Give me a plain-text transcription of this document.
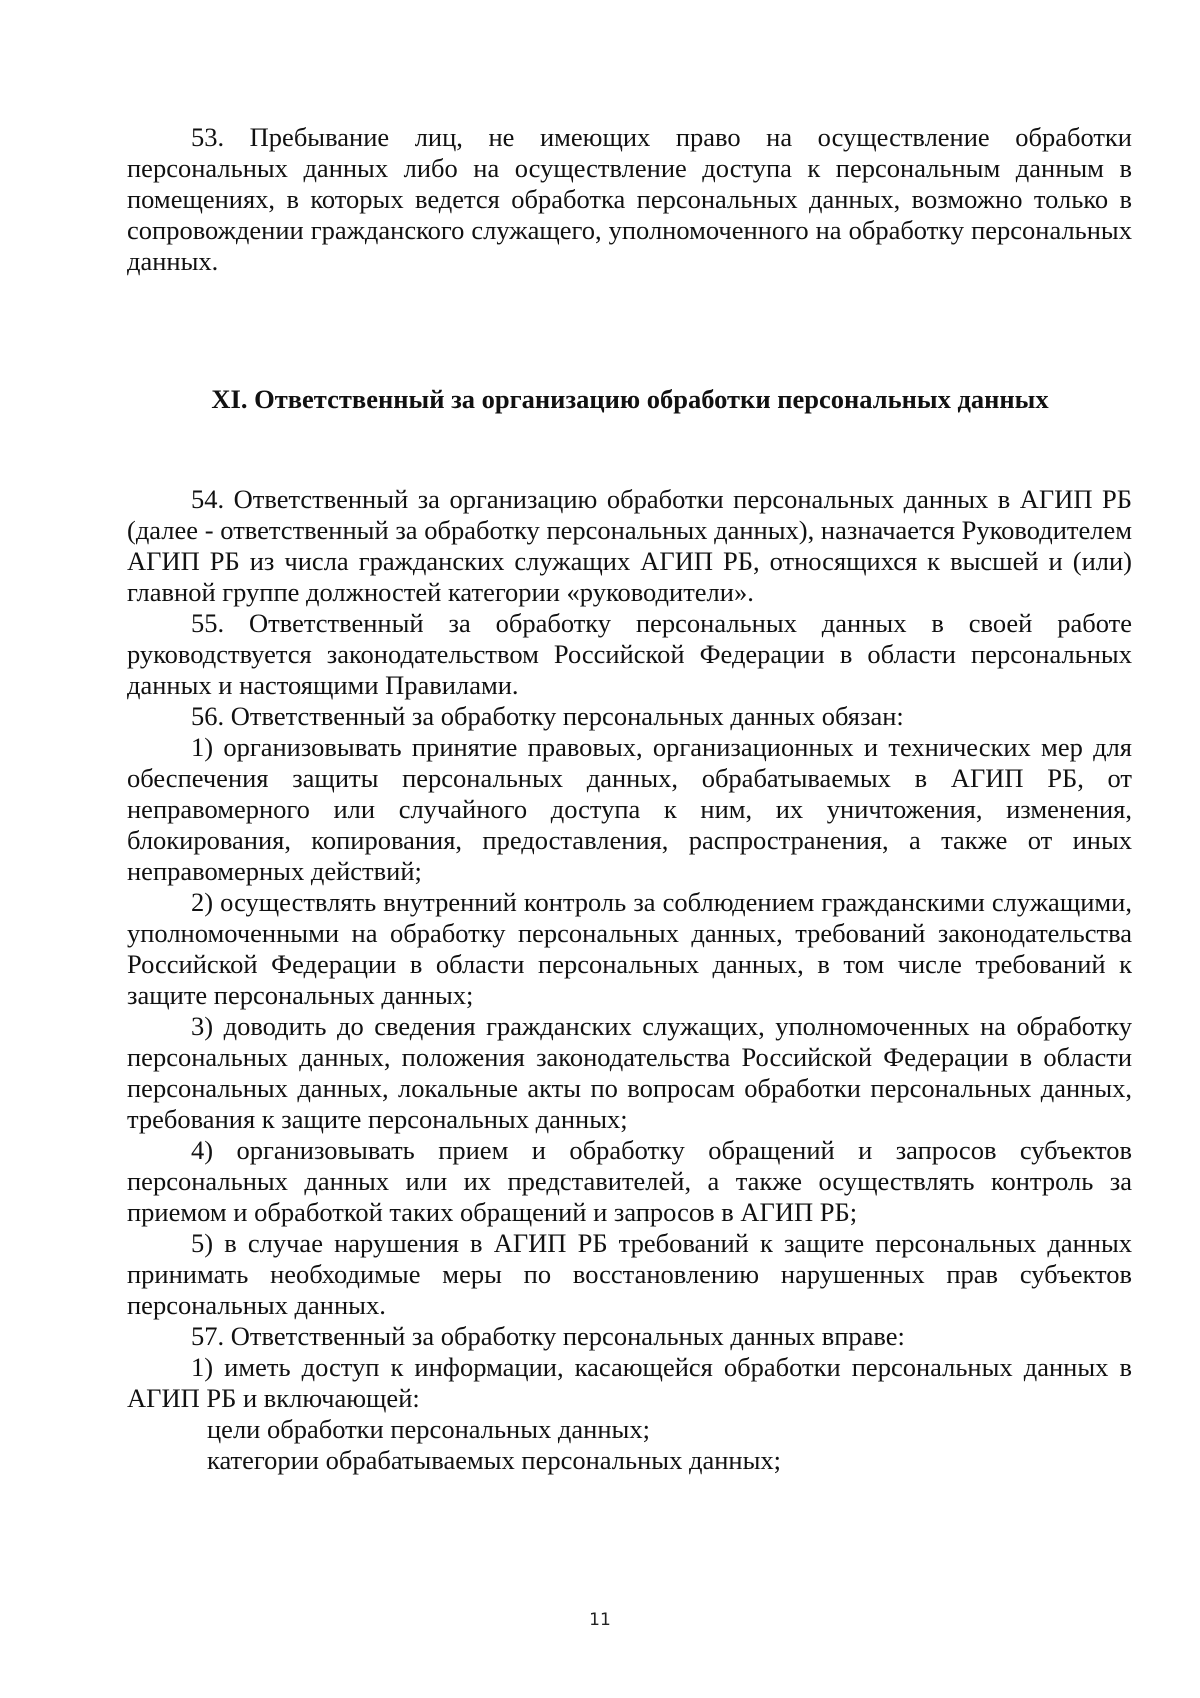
53. Пребывание лиц, не имеющих право на осуществление обработки персональных данных либо на осуществление доступа к персональным данным в помещениях, в которых ведется обработка персональных данных, возможно только в сопровождении гражданского служащего, уполномоченного на обработку персональных данных.

XI. Ответственный за организацию обработки персональных данных

54. Ответственный за организацию обработки персональных данных в АГИП РБ (далее - ответственный за обработку персональных данных), назначается Руководителем АГИП РБ из числа гражданских служащих АГИП РБ, относящихся к высшей и (или) главной группе должностей категории «руководители».

55. Ответственный за обработку персональных данных в своей работе руководствуется законодательством Российской Федерации в области персональных данных и настоящими Правилами.

56. Ответственный за обработку персональных данных обязан:

1) организовывать принятие правовых, организационных и технических мер для обеспечения защиты персональных данных, обрабатываемых в АГИП РБ, от неправомерного или случайного доступа к ним, их уничтожения, изменения, блокирования, копирования, предоставления, распространения, а также от иных неправомерных действий;

2) осуществлять внутренний контроль за соблюдением гражданскими служащими, уполномоченными на обработку персональных данных, требований законодательства Российской Федерации в области персональных данных, в том числе требований к защите персональных данных;

3) доводить до сведения гражданских служащих, уполномоченных на обработку персональных данных, положения законодательства Российской Федерации в области персональных данных, локальные акты по вопросам обработки персональных данных, требования к защите персональных данных;

4) организовывать прием и обработку обращений и запросов субъектов персональных данных или их представителей, а также осуществлять контроль за приемом и обработкой таких обращений и запросов в АГИП РБ;

5) в случае нарушения в АГИП РБ требований к защите персональных данных принимать необходимые меры по восстановлению нарушенных прав субъектов персональных данных.

57. Ответственный за обработку персональных данных вправе:

1) иметь доступ к информации, касающейся обработки персональных данных в АГИП РБ и включающей:

цели обработки персональных данных;

категории обрабатываемых персональных данных;

11
